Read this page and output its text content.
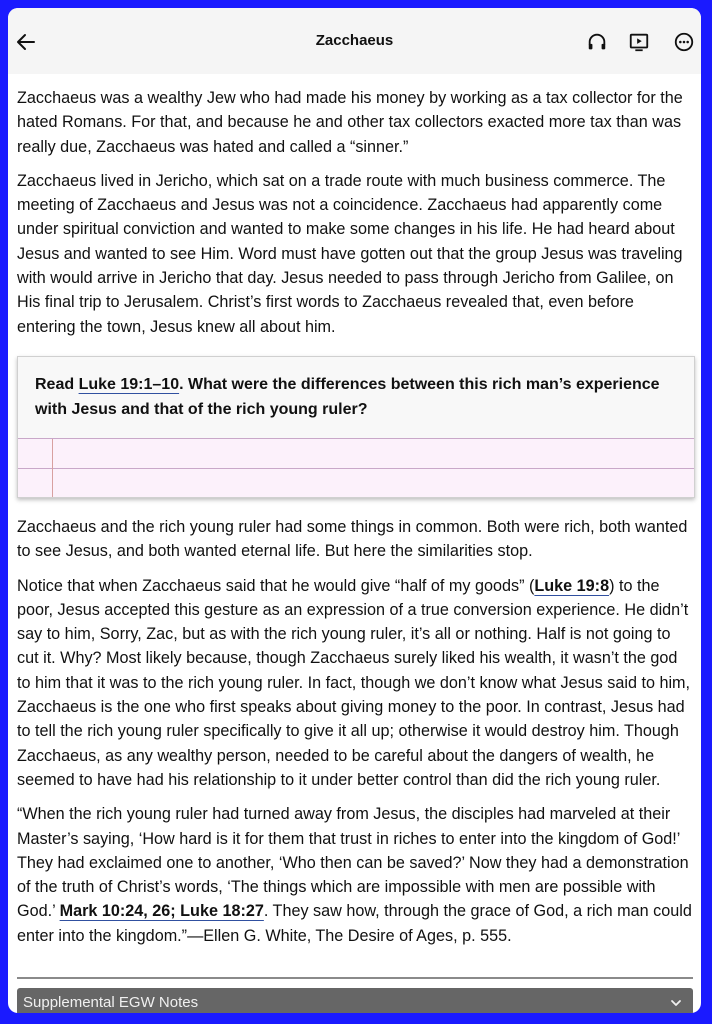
Zacchaeus

Zacchaeus was a wealthy Jew who had made his money by working as a tax collector for the hated Romans. For that, and because he and other tax collectors exacted more tax than was really due, Zacchaeus was hated and called a “sinner.”

Zacchaeus lived in Jericho, which sat on a trade route with much business commerce. The meeting of Zacchaeus and Jesus was not a coincidence. Zacchaeus had apparently come under spiritual conviction and wanted to make some changes in his life. He had heard about Jesus and wanted to see Him. Word must have gotten out that the group Jesus was traveling with would arrive in Jericho that day. Jesus needed to pass through Jericho from Galilee, on His final trip to Jerusalem. Christ’s first words to Zacchaeus revealed that, even before entering the town, Jesus knew all about him.

Read Luke 19:1–10. What were the differences between this rich man’s experience with Jesus and that of the rich young ruler?

Zacchaeus and the rich young ruler had some things in common. Both were rich, both wanted to see Jesus, and both wanted eternal life. But here the similarities stop.

Notice that when Zacchaeus said that he would give “half of my goods” (Luke 19:8) to the poor, Jesus accepted this gesture as an expression of a true conversion experience. He didn’t say to him, Sorry, Zac, but as with the rich young ruler, it’s all or nothing. Half is not going to cut it. Why? Most likely because, though Zacchaeus surely liked his wealth, it wasn’t the god to him that it was to the rich young ruler. In fact, though we don’t know what Jesus said to him, Zacchaeus is the one who first speaks about giving money to the poor. In contrast, Jesus had to tell the rich young ruler specifically to give it all up; otherwise it would destroy him. Though Zacchaeus, as any wealthy person, needed to be careful about the dangers of wealth, he seemed to have had his relationship to it under better control than did the rich young ruler.

“When the rich young ruler had turned away from Jesus, the disciples had marveled at their Master’s saying, ‘How hard is it for them that trust in riches to enter into the kingdom of God!’ They had exclaimed one to another, ‘Who then can be saved?’ Now they had a demonstration of the truth of Christ’s words, ‘The things which are impossible with men are possible with God.’ Mark 10:24, 26; Luke 18:27. They saw how, through the grace of God, a rich man could enter into the kingdom.”—Ellen G. White, The Desire of Ages, p. 555.

Supplemental EGW Notes
